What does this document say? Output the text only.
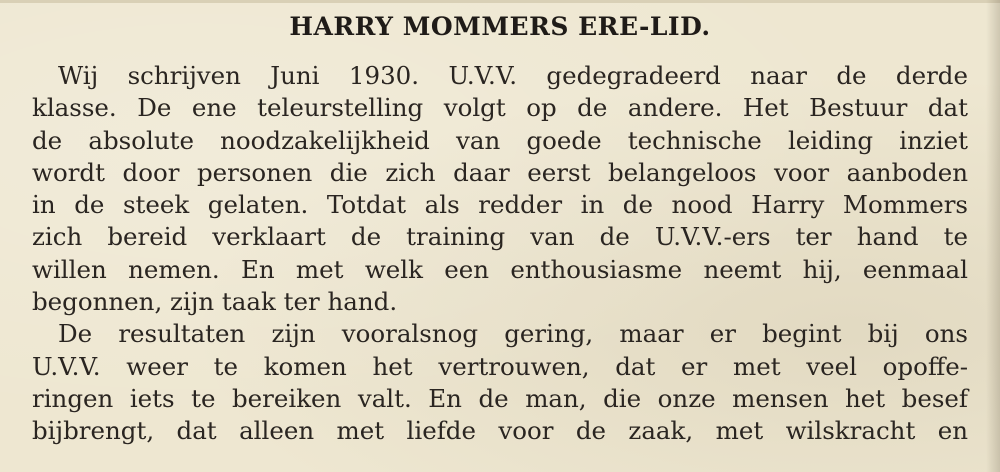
HARRY MOMMERS ERE-LID.
Wij schrijven Juni 1930. U.V.V. gedegradeerd naar de derde
klasse. De ene teleurstelling volgt op de andere. Het Bestuur dat
de absolute noodzakelijkheid van goede technische leiding inziet
wordt door personen die zich daar eerst belangeloos voor aanboden
in de steek gelaten. Totdat als redder in de nood Harry Mommers
zich bereid verklaart de training van de U.V.V.-ers ter hand te
willen nemen. En met welk een enthousiasme neemt hij, eenmaal
begonnen, zijn taak ter hand.
De resultaten zijn vooralsnog gering, maar er begint bij ons
U.V.V. weer te komen het vertrouwen, dat er met veel opoffe-
ringen iets te bereiken valt. En de man, die onze mensen het besef
bijbrengt, dat alleen met liefde voor de zaak, met wilskracht en
